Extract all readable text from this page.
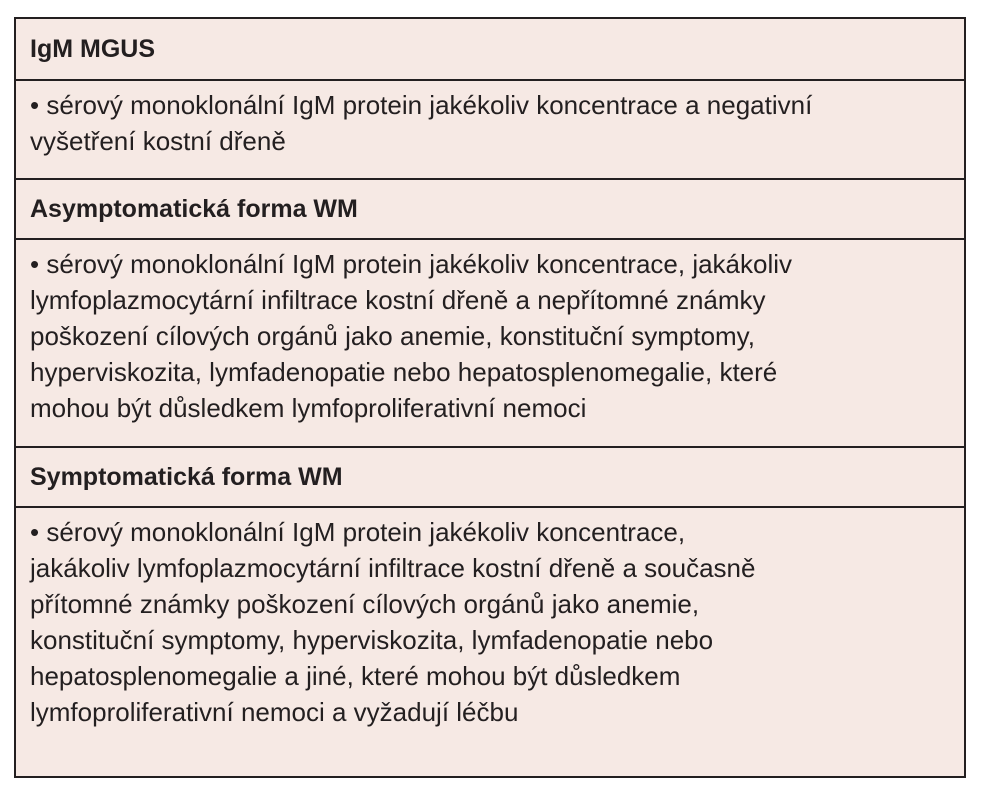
IgM MGUS
• sérový monoklonální IgM protein jakékoliv koncentrace a negativní
vyšetření kostní dřeně
Asymptomatická forma WM
• sérový monoklonální IgM protein jakékoliv koncentrace, jakákoliv
lymfoplazmocytární infiltrace kostní dřeně a nepřítomné známky
poškození cílových orgánů jako anemie, konstituční symptomy,
hyperviskozita, lymfadenopatie nebo hepatosplenomegalie, které
mohou být důsledkem lymfoproliferativní nemoci
Symptomatická forma WM
• sérový monoklonální IgM protein jakékoliv koncentrace,
jakákoliv lymfoplazmocytární infiltrace kostní dřeně a současně
přítomné známky poškození cílových orgánů jako anemie,
konstituční symptomy, hyperviskozita, lymfadenopatie nebo
hepatosplenomegalie a jiné, které mohou být důsledkem
lymfoproliferativní nemoci a vyžadují léčbu
